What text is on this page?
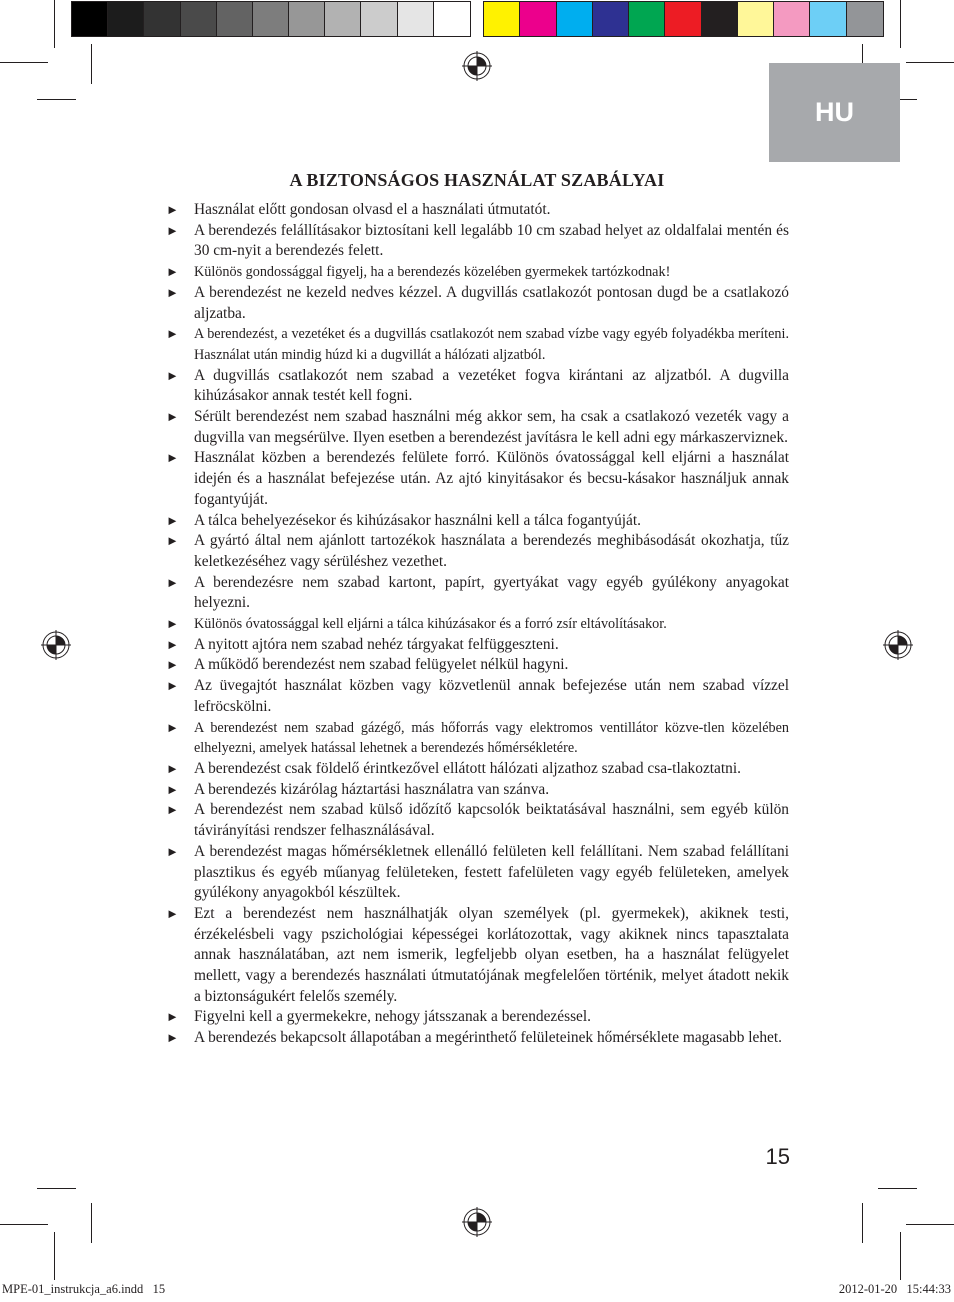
HU
A BIZTONSÁGOS HASZNÁLAT SZABÁLYAI
► Használat előtt gondosan olvasd el a használati útmutatót.
► A berendezés felállításakor biztosítani kell legalább 10 cm szabad helyet az oldalfalai mentén és 30 cm-nyit a berendezés felett.
► Különös gondossággal figyelj, ha a berendezés közelében gyermekek tartózkodnak!
► A berendezést ne kezeld nedves kézzel. A dugvillás csatlakozót pontosan dugd be a csatlakozó aljzatba.
► A berendezést, a vezetéket és a dugvillás csatlakozót nem szabad vízbe vagy egyéb folyadékba meríteni. Használat után mindig húzd ki a dugvillát a hálózati aljzatból.
► A dugvillás csatlakozót nem szabad a vezetéket fogva kirántani az aljzatból. A dugvilla kihúzásakor annak testét kell fogni.
► Sérült berendezést nem szabad használni még akkor sem, ha csak a csatlakozó vezeték vagy a dugvilla van megsérülve. Ilyen esetben a berendezést javításra le kell adni egy márkaszerviznek.
► Használat közben a berendezés felülete forró. Különös óvatossággal kell eljárni a használat idején és a használat befejezése után. Az ajtó kinyitásakor és becsu-kásakor használjuk annak fogantyúját.
► A tálca behelyezésekor és kihúzásakor használni kell a tálca fogantyúját.
► A gyártó által nem ajánlott tartozékok használata a berendezés meghibásodását okozhatja, tűz keletkezéséhez vagy sérüléshez vezethet.
► A berendezésre nem szabad kartont, papírt, gyertyákat vagy egyéb gyúlékony anyagokat helyezni.
► Különös óvatossággal kell eljárni a tálca kihúzásakor és a forró zsír eltávolításakor.
► A nyitott ajtóra nem szabad nehéz tárgyakat felfüggeszteni.
► A működő berendezést nem szabad felügyelet nélkül hagyni.
► Az üvegajtót használat közben vagy közvetlenül annak befejezése után nem szabad vízzel lefröcskölni.
► A berendezést nem szabad gázégő, más hőforrás vagy elektromos ventillátor közve-tlen közelében elhelyezni, amelyek hatással lehetnek a berendezés hőmérsékletére.
► A berendezést csak földelő érintkezővel ellátott hálózati aljzathoz szabad csa-tlakoztatni.
► A berendezés kizárólag háztartási használatra van szánva.
► A berendezést nem szabad külső időzítő kapcsolók beiktatásával használni, sem egyéb külön távirányítási rendszer felhasználásával.
► A berendezést magas hőmérsékletnek ellenálló felületen kell felállítani. Nem szabad felállítani plasztikus és egyéb műanyag felületeken, festett fafelületen vagy egyéb felületeken, amelyek gyúlékony anyagokból készültek.
► Ezt a berendezést nem használhatják olyan személyek (pl. gyermekek), akiknek testi, érzékelésbeli vagy pszichológiai képességei korlátozottak, vagy akiknek nincs tapasztalata annak használatában, azt nem ismerik, legfeljebb olyan esetben, ha a használat felügyelet mellett, vagy a berendezés használati útmutatójának megfelelően történik, melyet átadott nekik a biztonságukért felelős személy.
► Figyelni kell a gyermekekre, nehogy játsszanak a berendezéssel.
► A berendezés bekapcsolt állapotában a megérinthető felületeinek hőmérséklete magasabb lehet.
15
MPE-01_instrukcja_a6.indd   15	2012-01-20   15:44:33
